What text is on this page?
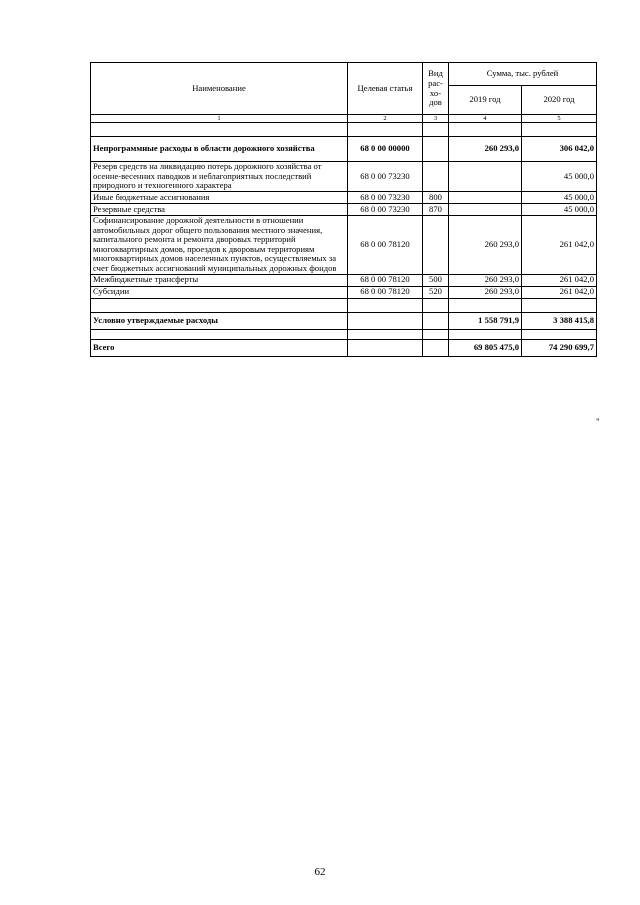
Наименование	Целевая статья	Вид рас-хо-дов	Сумма, тыс. рублей	
			2019 год	2020 год
1	2	3	4	5

Непрограммные расходы в области дорожного хозяйства	68 0 00 00000		260 293,0	306 042,0
Резерв средств на ликвидацию потерь дорожного хозяйства от осенне-весенних паводков и неблагоприятных последствий природного и техногенного характера	68 0 00 73230			45 000,0
Иные бюджетные ассигнования	68 0 00 73230	800		45 000,0
Резервные средства	68 0 00 73230	870		45 000,0
Софинансирование дорожной деятельности в отношении автомобильных дорог общего пользования местного значения, капитального ремонта и ремонта дворовых территорий многоквартирных домов, проездов к дворовым территориям многоквартирных домов населенных пунктов, осуществляемых за счет бюджетных ассигнований муниципальных дорожных фондов	68 0 00 78120		260 293,0	261 042,0
Межбюджетные трансферты	68 0 00 78120	500	260 293,0	261 042,0
Субсидии	68 0 00 78120	520	260 293,0	261 042,0

Условно утверждаемые расходы			1 558 791,9	3 388 415,8

Всего			69 805 475,0	74 290 699,7
"
62
